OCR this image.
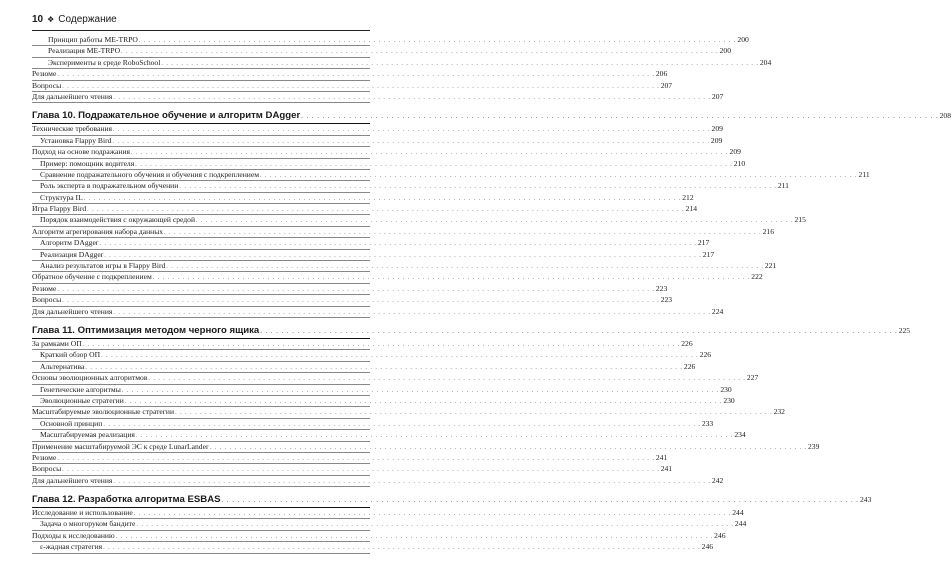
10 ❖ Содержание
Принцип работы ME-TRPO . . . . . . . . . . . . . . . . . . . . . . . . . . . . . . . . . . . . . . . . . . . . . . . . . . . . . . . . . . . . . . . . . . . . . . . . . . . . . . . . . . . . . . . . . . . . . . . . . . . . . . . . . . . . . . . . . . . . . . . . 200
Реализация ME-TRPO . . . . . . . . . . . . . . . . . . . . . . . . . . . . . . . . . . . . . . . . . . . . . . . . . . . . . . . . . . . . . . . . . . . . . . . . . . . . . . . . . . . . . . . . . . . . . . . . . . . . . . . . . . . . . . . . . . . . . . . . 200
Эксперименты в среде RoboSchool . . . . . . . . . . . . . . . . . . . . . . . . . . . . . . . . . . . . . . . . . . . . . . . . . . . . . . . . . . . . . . . . . . . . . . . . . . . . . . . . . . . . . . . . . . . . . . . . . . . . . . . . . . . . . . . . . . . . . . . . 204
Резюме . . . . . . . . . . . . . . . . . . . . . . . . . . . . . . . . . . . . . . . . . . . . . . . . . . . . . . . . . . . . . . . . . . . . . . . . . . . . . . . . . . . . . . . . . . . . . . . . . . . . . . . . . . . . . . . . . . . . . . . . 206
Вопросы . . . . . . . . . . . . . . . . . . . . . . . . . . . . . . . . . . . . . . . . . . . . . . . . . . . . . . . . . . . . . . . . . . . . . . . . . . . . . . . . . . . . . . . . . . . . . . . . . . . . . . . . . . . . . . . . . . . . . . . . 207
Для дальнейшего чтения . . . . . . . . . . . . . . . . . . . . . . . . . . . . . . . . . . . . . . . . . . . . . . . . . . . . . . . . . . . . . . . . . . . . . . . . . . . . . . . . . . . . . . . . . . . . . . . . . . . . . . . . . . . . . . . . . . . . . . . . 207
Глава 10. Подражательное обучение и алгоритм DAgger . . . . . . . . . . . . . . . . . . . . . . . . . . . . . . . . . . . . . . . . . . . . . . . . . . . . . . . . . . . . . . . . . . . . . . . . . . . . . . . . . . . . . . . . . . . . . . . . . . . . . . . . . . . . . . . . . . . . . . . . 208
Технические требования . . . . . . . . . . . . . . . . . . . . . . . . . . . . . . . . . . . . . . . . . . . . . . . . . . . . . . . . . . . . . . . . . . . . . . . . . . . . . . . . . . . . . . . . . . . . . . . . . . . . . . . . . . . . . . . . . . . . . . . . 209
Установка Flappy Bird . . . . . . . . . . . . . . . . . . . . . . . . . . . . . . . . . . . . . . . . . . . . . . . . . . . . . . . . . . . . . . . . . . . . . . . . . . . . . . . . . . . . . . . . . . . . . . . . . . . . . . . . . . . . . . . . . . . . . . . . 209
Подход на основе подражания . . . . . . . . . . . . . . . . . . . . . . . . . . . . . . . . . . . . . . . . . . . . . . . . . . . . . . . . . . . . . . . . . . . . . . . . . . . . . . . . . . . . . . . . . . . . . . . . . . . . . . . . . . . . . . . . . . . . . . . . 209
Пример: помощник водителя . . . . . . . . . . . . . . . . . . . . . . . . . . . . . . . . . . . . . . . . . . . . . . . . . . . . . . . . . . . . . . . . . . . . . . . . . . . . . . . . . . . . . . . . . . . . . . . . . . . . . . . . . . . . . . . . . . . . . . . . 210
Сравнение подражательного обучения и обучения с подкреплением . . . . . . . . . . . . . . . . . . . . . . . . . . . . . . . . . . . . . . . . . . . . . . . . . . . . . . . . . . . . . . . . . . . . . . . . . . . . . . . . . . . . . . . . . . . . . . . . . . . . . . . . . . . . . . . . . . . . . . . . 211
Роль эксперта в подражательном обучении . . . . . . . . . . . . . . . . . . . . . . . . . . . . . . . . . . . . . . . . . . . . . . . . . . . . . . . . . . . . . . . . . . . . . . . . . . . . . . . . . . . . . . . . . . . . . . . . . . . . . . . . . . . . . . . . . . . . . . . . 211
Структура IL . . . . . . . . . . . . . . . . . . . . . . . . . . . . . . . . . . . . . . . . . . . . . . . . . . . . . . . . . . . . . . . . . . . . . . . . . . . . . . . . . . . . . . . . . . . . . . . . . . . . . . . . . . . . . . . . . . . . . . . . 212
Игра Flappy Bird . . . . . . . . . . . . . . . . . . . . . . . . . . . . . . . . . . . . . . . . . . . . . . . . . . . . . . . . . . . . . . . . . . . . . . . . . . . . . . . . . . . . . . . . . . . . . . . . . . . . . . . . . . . . . . . . . . . . . . . . 214
Порядок взаимодействия с окружающей средой . . . . . . . . . . . . . . . . . . . . . . . . . . . . . . . . . . . . . . . . . . . . . . . . . . . . . . . . . . . . . . . . . . . . . . . . . . . . . . . . . . . . . . . . . . . . . . . . . . . . . . . . . . . . . . . . . . . . . . . . 215
Алгоритм агрегирования набора данных . . . . . . . . . . . . . . . . . . . . . . . . . . . . . . . . . . . . . . . . . . . . . . . . . . . . . . . . . . . . . . . . . . . . . . . . . . . . . . . . . . . . . . . . . . . . . . . . . . . . . . . . . . . . . . . . . . . . . . . . 216
Алгоритм DAgger . . . . . . . . . . . . . . . . . . . . . . . . . . . . . . . . . . . . . . . . . . . . . . . . . . . . . . . . . . . . . . . . . . . . . . . . . . . . . . . . . . . . . . . . . . . . . . . . . . . . . . . . . . . . . . . . . . . . . . . . 217
Реализация DAgger . . . . . . . . . . . . . . . . . . . . . . . . . . . . . . . . . . . . . . . . . . . . . . . . . . . . . . . . . . . . . . . . . . . . . . . . . . . . . . . . . . . . . . . . . . . . . . . . . . . . . . . . . . . . . . . . . . . . . . . . 217
Анализ результатов игры в Flappy Bird . . . . . . . . . . . . . . . . . . . . . . . . . . . . . . . . . . . . . . . . . . . . . . . . . . . . . . . . . . . . . . . . . . . . . . . . . . . . . . . . . . . . . . . . . . . . . . . . . . . . . . . . . . . . . . . . . . . . . . . . 221
Обратное обучение с подкреплением . . . . . . . . . . . . . . . . . . . . . . . . . . . . . . . . . . . . . . . . . . . . . . . . . . . . . . . . . . . . . . . . . . . . . . . . . . . . . . . . . . . . . . . . . . . . . . . . . . . . . . . . . . . . . . . . . . . . . . . . 222
Резюме . . . . . . . . . . . . . . . . . . . . . . . . . . . . . . . . . . . . . . . . . . . . . . . . . . . . . . . . . . . . . . . . . . . . . . . . . . . . . . . . . . . . . . . . . . . . . . . . . . . . . . . . . . . . . . . . . . . . . . . . 223
Вопросы . . . . . . . . . . . . . . . . . . . . . . . . . . . . . . . . . . . . . . . . . . . . . . . . . . . . . . . . . . . . . . . . . . . . . . . . . . . . . . . . . . . . . . . . . . . . . . . . . . . . . . . . . . . . . . . . . . . . . . . . 223
Для дальнейшего чтения . . . . . . . . . . . . . . . . . . . . . . . . . . . . . . . . . . . . . . . . . . . . . . . . . . . . . . . . . . . . . . . . . . . . . . . . . . . . . . . . . . . . . . . . . . . . . . . . . . . . . . . . . . . . . . . . . . . . . . . . 224
Глава 11. Оптимизация методом черного ящика . . . . . . . . . . . . . . . . . . . . . . . . . . . . . . . . . . . . . . . . . . . . . . . . . . . . . . . . . . . . . . . . . . . . . . . . . . . . . . . . . . . . . . . . . . . . . . . . . . . . . . . . . . . . . . . . . . . . . . . . 225
За рамками ОП . . . . . . . . . . . . . . . . . . . . . . . . . . . . . . . . . . . . . . . . . . . . . . . . . . . . . . . . . . . . . . . . . . . . . . . . . . . . . . . . . . . . . . . . . . . . . . . . . . . . . . . . . . . . . . . . . . . . . . . . 226
Краткий обзор ОП . . . . . . . . . . . . . . . . . . . . . . . . . . . . . . . . . . . . . . . . . . . . . . . . . . . . . . . . . . . . . . . . . . . . . . . . . . . . . . . . . . . . . . . . . . . . . . . . . . . . . . . . . . . . . . . . . . . . . . . . 226
Альтернатива . . . . . . . . . . . . . . . . . . . . . . . . . . . . . . . . . . . . . . . . . . . . . . . . . . . . . . . . . . . . . . . . . . . . . . . . . . . . . . . . . . . . . . . . . . . . . . . . . . . . . . . . . . . . . . . . . . . . . . . . 226
Основы эволюционных алгоритмов . . . . . . . . . . . . . . . . . . . . . . . . . . . . . . . . . . . . . . . . . . . . . . . . . . . . . . . . . . . . . . . . . . . . . . . . . . . . . . . . . . . . . . . . . . . . . . . . . . . . . . . . . . . . . . . . . . . . . . . . 227
Генетические алгоритмы . . . . . . . . . . . . . . . . . . . . . . . . . . . . . . . . . . . . . . . . . . . . . . . . . . . . . . . . . . . . . . . . . . . . . . . . . . . . . . . . . . . . . . . . . . . . . . . . . . . . . . . . . . . . . . . . . . . . . . . . 230
Эволюционные стратегии . . . . . . . . . . . . . . . . . . . . . . . . . . . . . . . . . . . . . . . . . . . . . . . . . . . . . . . . . . . . . . . . . . . . . . . . . . . . . . . . . . . . . . . . . . . . . . . . . . . . . . . . . . . . . . . . . . . . . . . . 230
Масштабируемые эволюционные стратегии . . . . . . . . . . . . . . . . . . . . . . . . . . . . . . . . . . . . . . . . . . . . . . . . . . . . . . . . . . . . . . . . . . . . . . . . . . . . . . . . . . . . . . . . . . . . . . . . . . . . . . . . . . . . . . . . . . . . . . . . 232
Основной принцип . . . . . . . . . . . . . . . . . . . . . . . . . . . . . . . . . . . . . . . . . . . . . . . . . . . . . . . . . . . . . . . . . . . . . . . . . . . . . . . . . . . . . . . . . . . . . . . . . . . . . . . . . . . . . . . . . . . . . . . . 233
Масштабируемая реализация . . . . . . . . . . . . . . . . . . . . . . . . . . . . . . . . . . . . . . . . . . . . . . . . . . . . . . . . . . . . . . . . . . . . . . . . . . . . . . . . . . . . . . . . . . . . . . . . . . . . . . . . . . . . . . . . . . . . . . . . 234
Применение масштабируемой ЭС к среде LunarLander . . . . . . . . . . . . . . . . . . . . . . . . . . . . . . . . . . . . . . . . . . . . . . . . . . . . . . . . . . . . . . . . . . . . . . . . . . . . . . . . . . . . . . . . . . . . . . . . . . . . . . . . . . . . . . . . . . . . . . . . 239
Резюме . . . . . . . . . . . . . . . . . . . . . . . . . . . . . . . . . . . . . . . . . . . . . . . . . . . . . . . . . . . . . . . . . . . . . . . . . . . . . . . . . . . . . . . . . . . . . . . . . . . . . . . . . . . . . . . . . . . . . . . . 241
Вопросы . . . . . . . . . . . . . . . . . . . . . . . . . . . . . . . . . . . . . . . . . . . . . . . . . . . . . . . . . . . . . . . . . . . . . . . . . . . . . . . . . . . . . . . . . . . . . . . . . . . . . . . . . . . . . . . . . . . . . . . . 241
Для дальнейшего чтения . . . . . . . . . . . . . . . . . . . . . . . . . . . . . . . . . . . . . . . . . . . . . . . . . . . . . . . . . . . . . . . . . . . . . . . . . . . . . . . . . . . . . . . . . . . . . . . . . . . . . . . . . . . . . . . . . . . . . . . . 242
Глава 12. Разработка алгоритма ESBAS . . . . . . . . . . . . . . . . . . . . . . . . . . . . . . . . . . . . . . . . . . . . . . . . . . . . . . . . . . . . . . . . . . . . . . . . . . . . . . . . . . . . . . . . . . . . . . . . . . . . . . . . . . . . . . . . . . . . . . . . 243
Исследование и использование . . . . . . . . . . . . . . . . . . . . . . . . . . . . . . . . . . . . . . . . . . . . . . . . . . . . . . . . . . . . . . . . . . . . . . . . . . . . . . . . . . . . . . . . . . . . . . . . . . . . . . . . . . . . . . . . . . . . . . . . 244
Задача о многоруком бандите . . . . . . . . . . . . . . . . . . . . . . . . . . . . . . . . . . . . . . . . . . . . . . . . . . . . . . . . . . . . . . . . . . . . . . . . . . . . . . . . . . . . . . . . . . . . . . . . . . . . . . . . . . . . . . . . . . . . . . . . 244
Подходы к исследованию . . . . . . . . . . . . . . . . . . . . . . . . . . . . . . . . . . . . . . . . . . . . . . . . . . . . . . . . . . . . . . . . . . . . . . . . . . . . . . . . . . . . . . . . . . . . . . . . . . . . . . . . . . . . . . . . . . . . . . . . 246
ε-жадная стратегия . . . . . . . . . . . . . . . . . . . . . . . . . . . . . . . . . . . . . . . . . . . . . . . . . . . . . . . . . . . . . . . . . . . . . . . . . . . . . . . . . . . . . . . . . . . . . . . . . . . . . . . . . . . . . . . . . . . . . . . . 246
